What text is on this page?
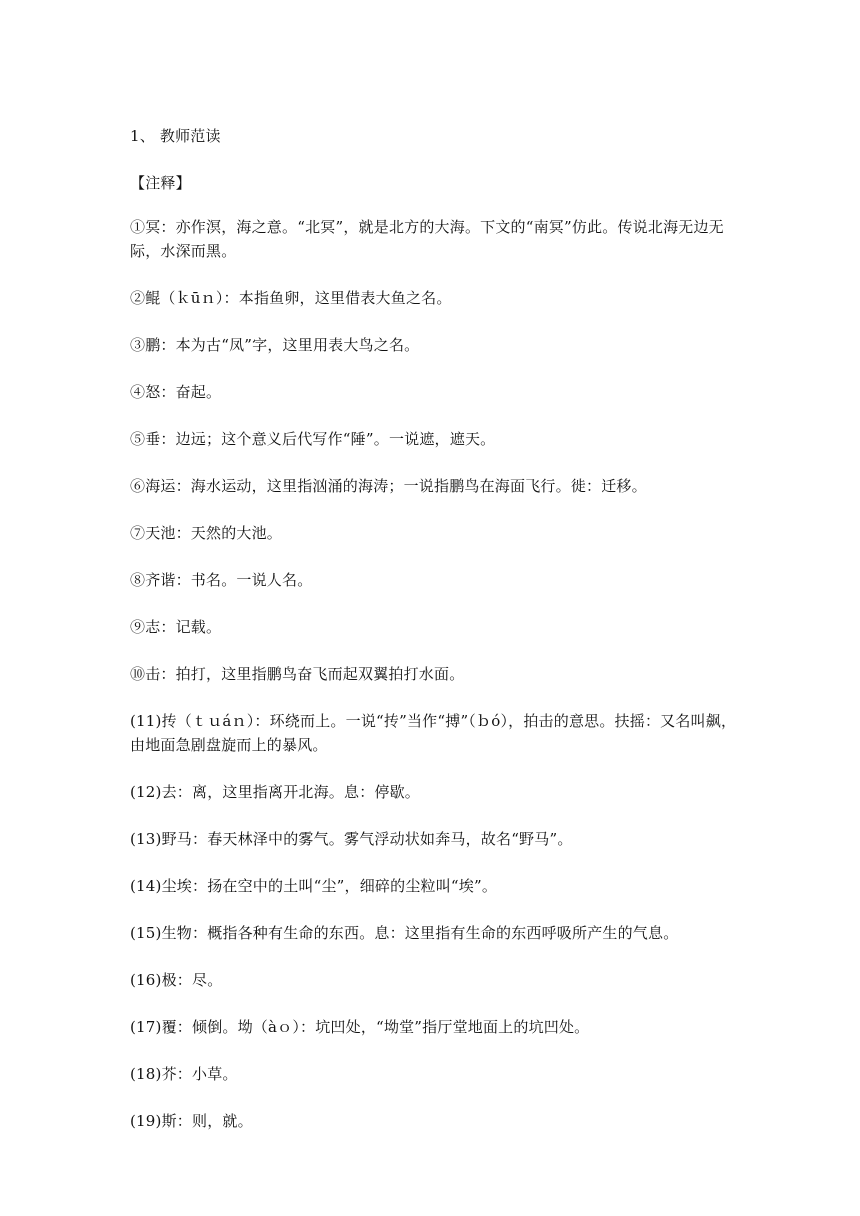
1、 教师范读

【注释】

①冥：亦作溟，海之意。“北冥”，就是北方的大海。下文的“南冥”仿此。传说北海无边无际，水深而黑。

②鲲（ｋūｎ）：本指鱼卵，这里借表大鱼之名。

③鹏：本为古“凤”字，这里用表大鸟之名。

④怒：奋起。

⑤垂：边远；这个意义后代写作“陲”。一说遮，遮天。

⑥海运：海水运动，这里指汹涌的海涛；一说指鹏鸟在海面飞行。徙：迁移。

⑦天池：天然的大池。

⑧齐谐：书名。一说人名。

⑨志：记载。

⑩击：拍打，这里指鹏鸟奋飞而起双翼拍打水面。

(11)抟（ｔｕáｎ）：环绕而上。一说“抟”当作“搏”（ｂó），拍击的意思。扶摇：又名叫飙，由地面急剧盘旋而上的暴风。

(12)去：离，这里指离开北海。息：停歇。

(13)野马：春天林泽中的雾气。雾气浮动状如奔马，故名“野马”。

(14)尘埃：扬在空中的土叫“尘”，细碎的尘粒叫“埃”。

(15)生物：概指各种有生命的东西。息：这里指有生命的东西呼吸所产生的气息。

(16)极：尽。

(17)覆：倾倒。坳（àｏ）：坑凹处，“坳堂”指厅堂地面上的坑凹处。

(18)芥：小草。

(19)斯：则，就。
